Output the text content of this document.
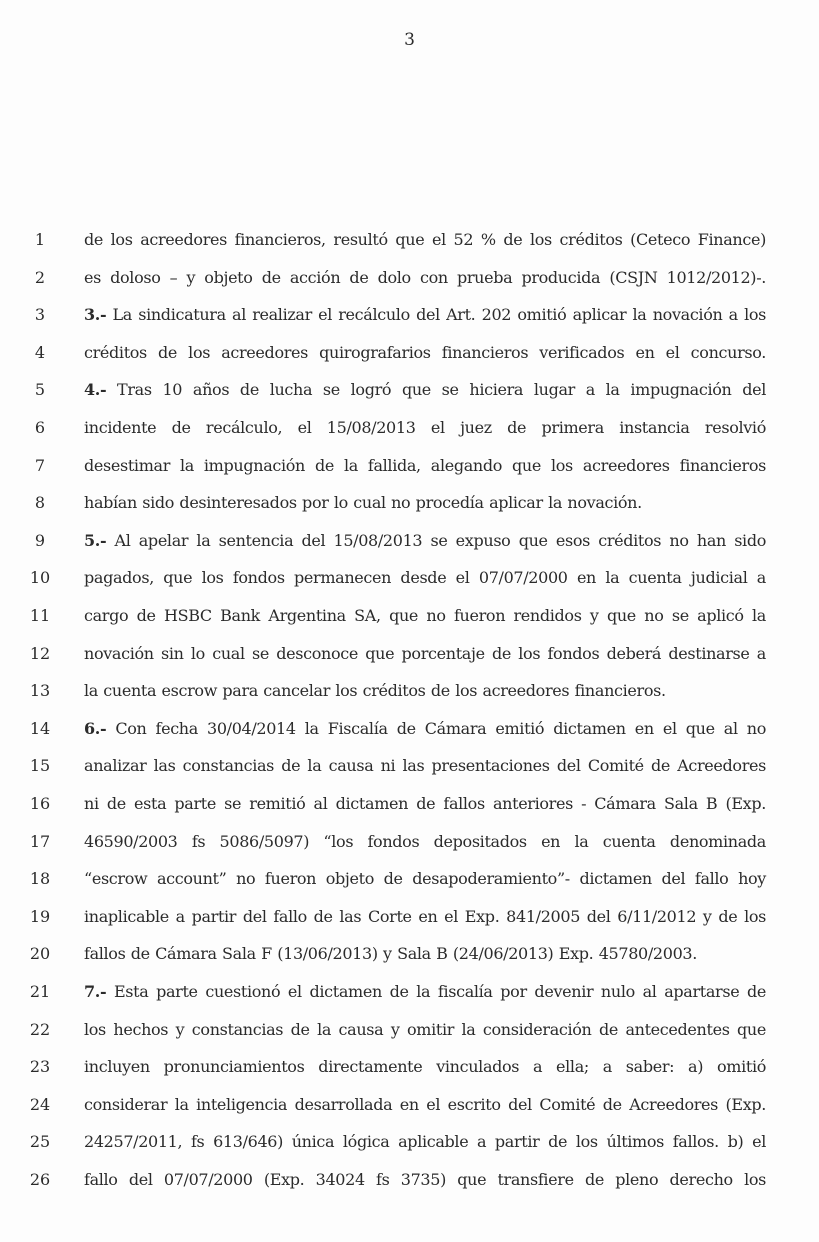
3
1	de los acreedores financieros, resultó que el 52 % de los créditos (Ceteco Finance)
2	es doloso – y objeto de acción de dolo con prueba producida (CSJN 1012/2012)-.
3	3.- La sindicatura al realizar el recálculo del Art. 202 omitió aplicar la novación a los
4	créditos de los acreedores quirografarios financieros verificados en el concurso.
5	4.- Tras 10 años de lucha se logró que se hiciera lugar a la impugnación del
6	incidente de recálculo, el 15/08/2013 el juez de primera instancia resolvió
7	desestimar la impugnación de la fallida, alegando que los acreedores financieros
8	habían sido desinteresados por lo cual no procedía aplicar la novación.
9	5.- Al apelar la sentencia del 15/08/2013 se expuso que esos créditos no han sido
10	pagados, que los fondos permanecen desde el 07/07/2000 en la cuenta judicial a
11	cargo de HSBC Bank Argentina SA, que no fueron rendidos y que no se aplicó la
12	novación sin lo cual se desconoce que porcentaje de los fondos deberá destinarse a
13	la cuenta escrow para cancelar los créditos de los acreedores financieros.
14	6.- Con fecha 30/04/2014 la Fiscalía de Cámara emitió dictamen en el que al no
15	analizar las constancias de la causa ni las presentaciones del Comité de Acreedores
16	ni de esta parte se remitió al dictamen de fallos anteriores - Cámara Sala B (Exp.
17	46590/2003 fs 5086/5097) “los fondos depositados en la cuenta denominada
18	“escrow account” no fueron objeto de desapoderamiento”- dictamen del fallo hoy
19	inaplicable a partir del fallo de las Corte en el Exp. 841/2005 del 6/11/2012 y de los
20	fallos de Cámara Sala F (13/06/2013) y Sala B (24/06/2013) Exp. 45780/2003.
21	7.- Esta parte cuestionó el dictamen de la fiscalía por devenir nulo al apartarse de
22	los hechos y constancias de la causa y omitir la consideración de antecedentes que
23	incluyen pronunciamientos directamente vinculados a ella; a saber: a) omitió
24	considerar la inteligencia desarrollada en el escrito del Comité de Acreedores (Exp.
25	24257/2011, fs 613/646) única lógica aplicable a partir de los últimos fallos. b) el
26	fallo del 07/07/2000 (Exp. 34024 fs 3735) que transfiere de pleno derecho los
